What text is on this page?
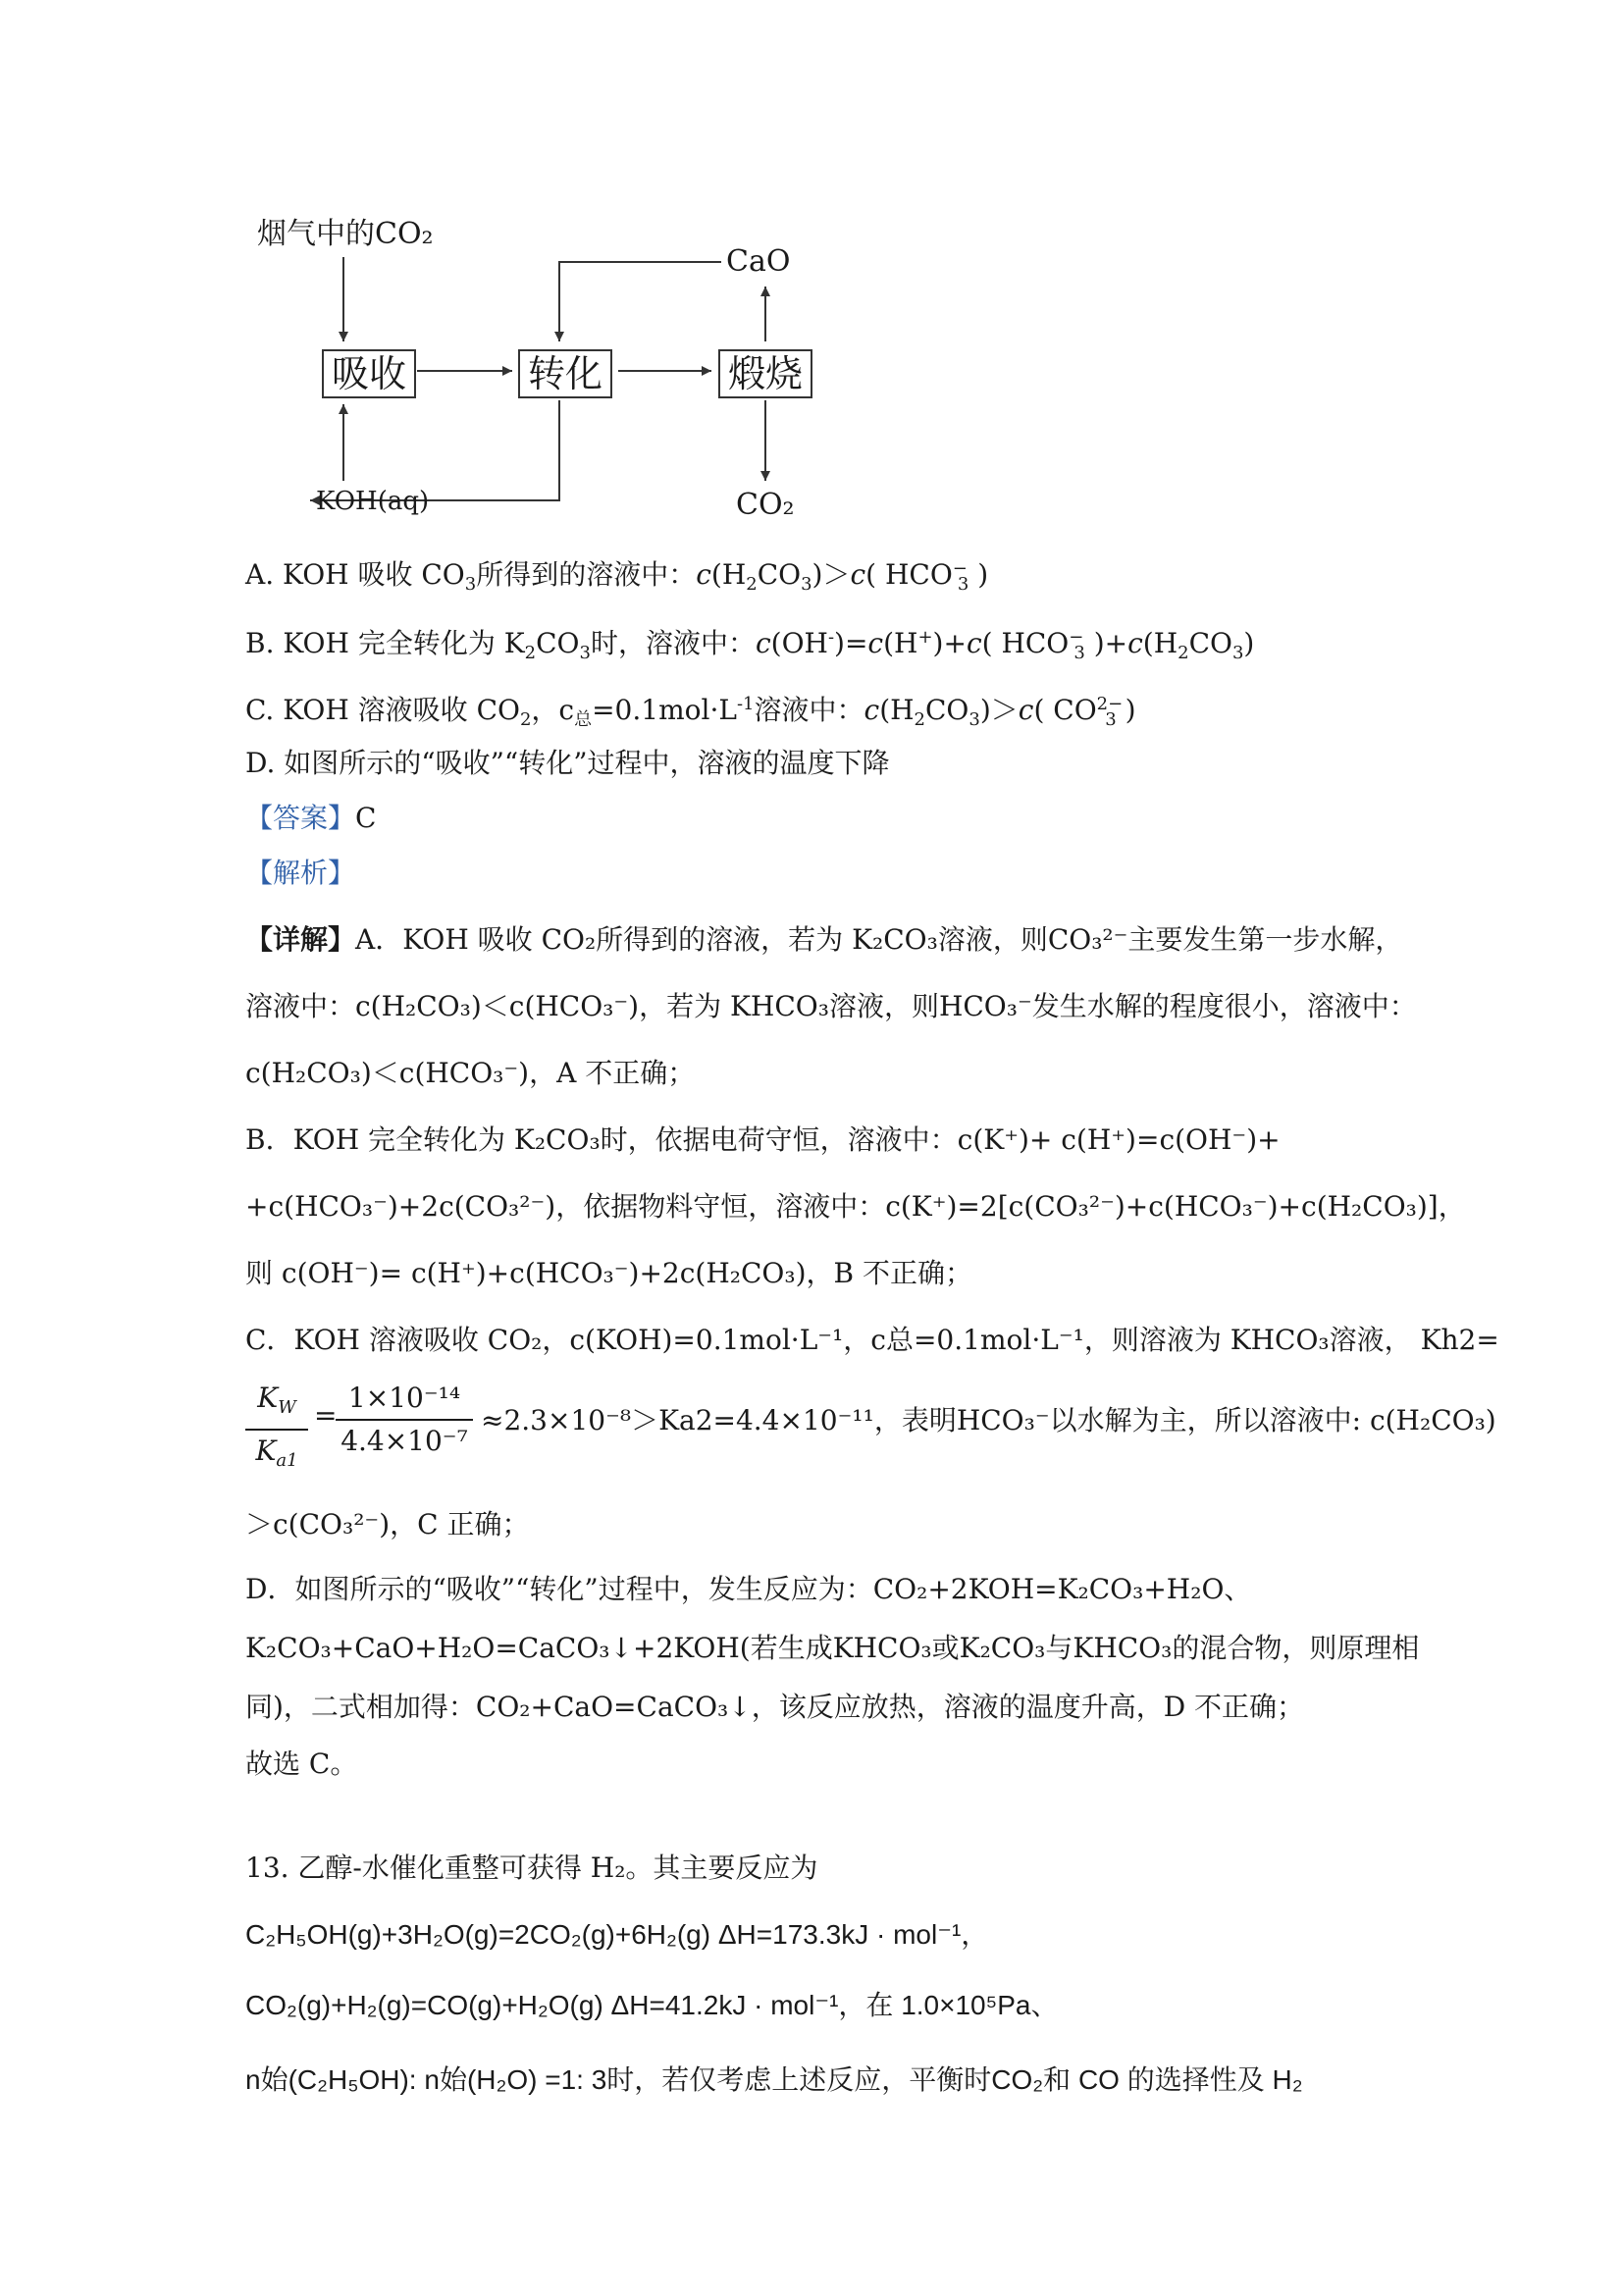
烟气中的CO₂
CaO
KOH(aq)	CO₂
吸收	转化	煅烧
A. KOH 吸收 $CO_3$所得到的溶液中：$c(H_2CO_3)>c$( $HCO^-_3$ )
B. KOH 完全转化为 $K_2CO_3$时，溶液中：c(OH-)=c(H+)+c( $HCO^-_3$ )$+c(H_2CO_3)$
C. KOH 溶液吸收 $CO_2$，$c_总=0.1mol\cdot L^{-1}$溶液中：$c(H_2CO_3)>c$( $CO^{2-}_3$ )
D. 如图所示的“吸收”“转化”过程中，溶液的温度下降
【答案】C
【解析】
【详解】A．KOH 吸收 CO₂所得到的溶液，若为 K₂CO₃溶液，则CO₃²⁻主要发生第一步水解，
溶液中：c(H₂CO₃)＜c(HCO₃⁻)，若为 KHCO₃溶液，则HCO₃⁻发生水解的程度很小，溶液中：
c(H₂CO₃)＜c(HCO₃⁻)，A 不正确；
B．KOH 完全转化为 K₂CO₃时，依据电荷守恒，溶液中：c(K⁺)+ c(H⁺)=c(OH⁻)+
+c(HCO₃⁻)+2c(CO₃²⁻)，依据物料守恒，溶液中：c(K⁺)=2[c(CO₃²⁻)+c(HCO₃⁻)+c(H₂CO₃)]，
则 c(OH⁻)= c(H⁺)+c(HCO₃⁻)+2c(H₂CO₃)，B 不正确；
C．KOH 溶液吸收 CO₂，c(KOH)=0.1mol·L⁻¹，c总=0.1mol·L⁻¹，则溶液为 KHCO₃溶液， Kh2=
$K_W$
$K_{a1}$
=
1×10⁻¹⁴
4.4×10⁻⁷
≈2.3×10⁻⁸＞Ka2=4.4×10⁻¹¹，表明HCO₃⁻以水解为主，所以溶液中: c(H₂CO₃)
＞c(CO₃²⁻)，C 正确；
D．如图所示的“吸收”“转化”过程中，发生反应为：CO₂+2KOH=K₂CO₃+H₂O、
K₂CO₃+CaO+H₂O=CaCO₃↓+2KOH(若生成KHCO₃或K₂CO₃与KHCO₃的混合物，则原理相
同)，二式相加得：CO₂+CaO=CaCO₃↓，该反应放热，溶液的温度升高，D 不正确；
故选 C。
13. 乙醇-水催化重整可获得 H₂。其主要反应为
C₂H₅OH(g)+3H₂O(g)=2CO₂(g)+6H₂(g) ΔH=173.3kJ · mol⁻¹，
CO₂(g)+H₂(g)=CO(g)+H₂O(g) ΔH=41.2kJ · mol⁻¹，在 1.0×10⁵Pa、
n始(C₂H₅OH): n始(H₂O) =1: 3时，若仅考虑上述反应，平衡时CO₂和 CO 的选择性及 H₂
